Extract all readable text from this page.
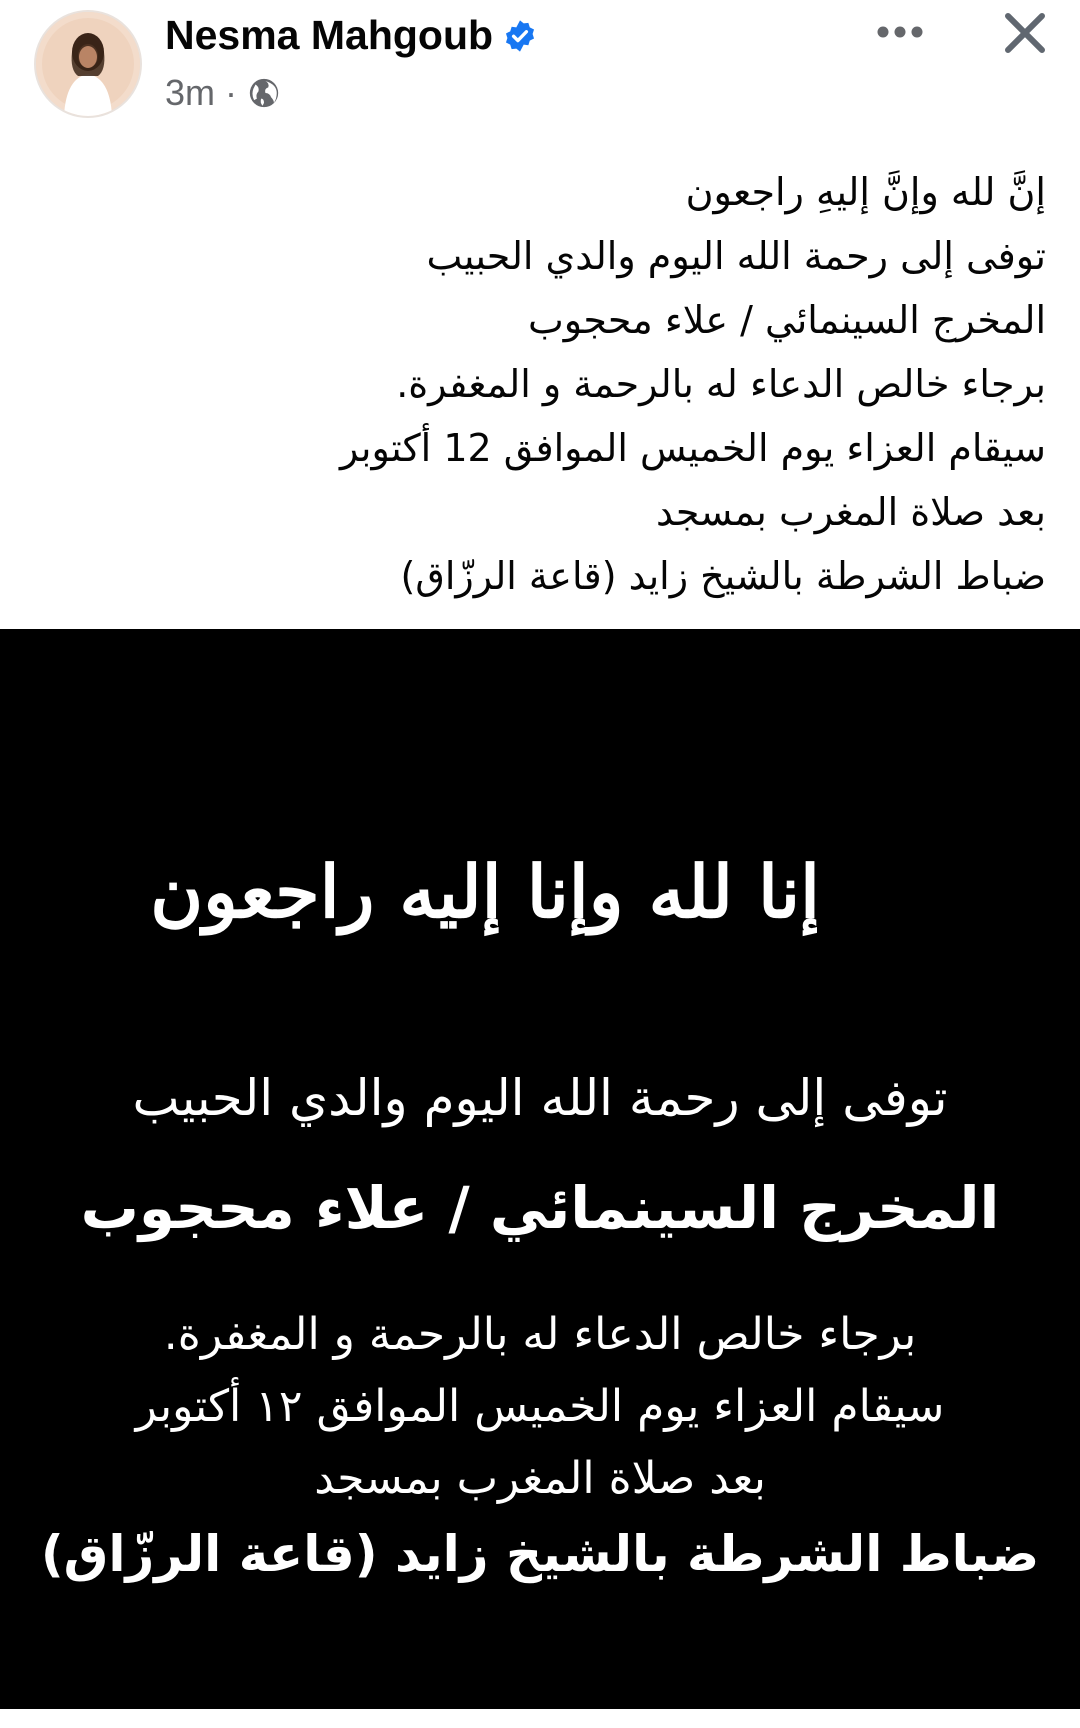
Nesma Mahgoub
3m ·
إنَّ لله وإنَّ إليهِ راجعون
توفى إلى رحمة الله اليوم والدي الحبيب
المخرج السينمائي / علاء محجوب
برجاء خالص الدعاء له بالرحمة و المغفرة.
سيقام العزاء يوم الخميس الموافق 12 أكتوبر
بعد صلاة المغرب بمسجد
ضباط الشرطة بالشيخ زايد (قاعة الرزّاق)
إنا لله وإنا إليه راجعون
توفى إلى رحمة الله اليوم والدي الحبيب
المخرج السينمائي / علاء محجوب
برجاء خالص الدعاء له بالرحمة و المغفرة.
سيقام العزاء يوم الخميس الموافق ١٢ أكتوبر
بعد صلاة المغرب بمسجد
ضباط الشرطة بالشيخ زايد (قاعة الرزّاق)
